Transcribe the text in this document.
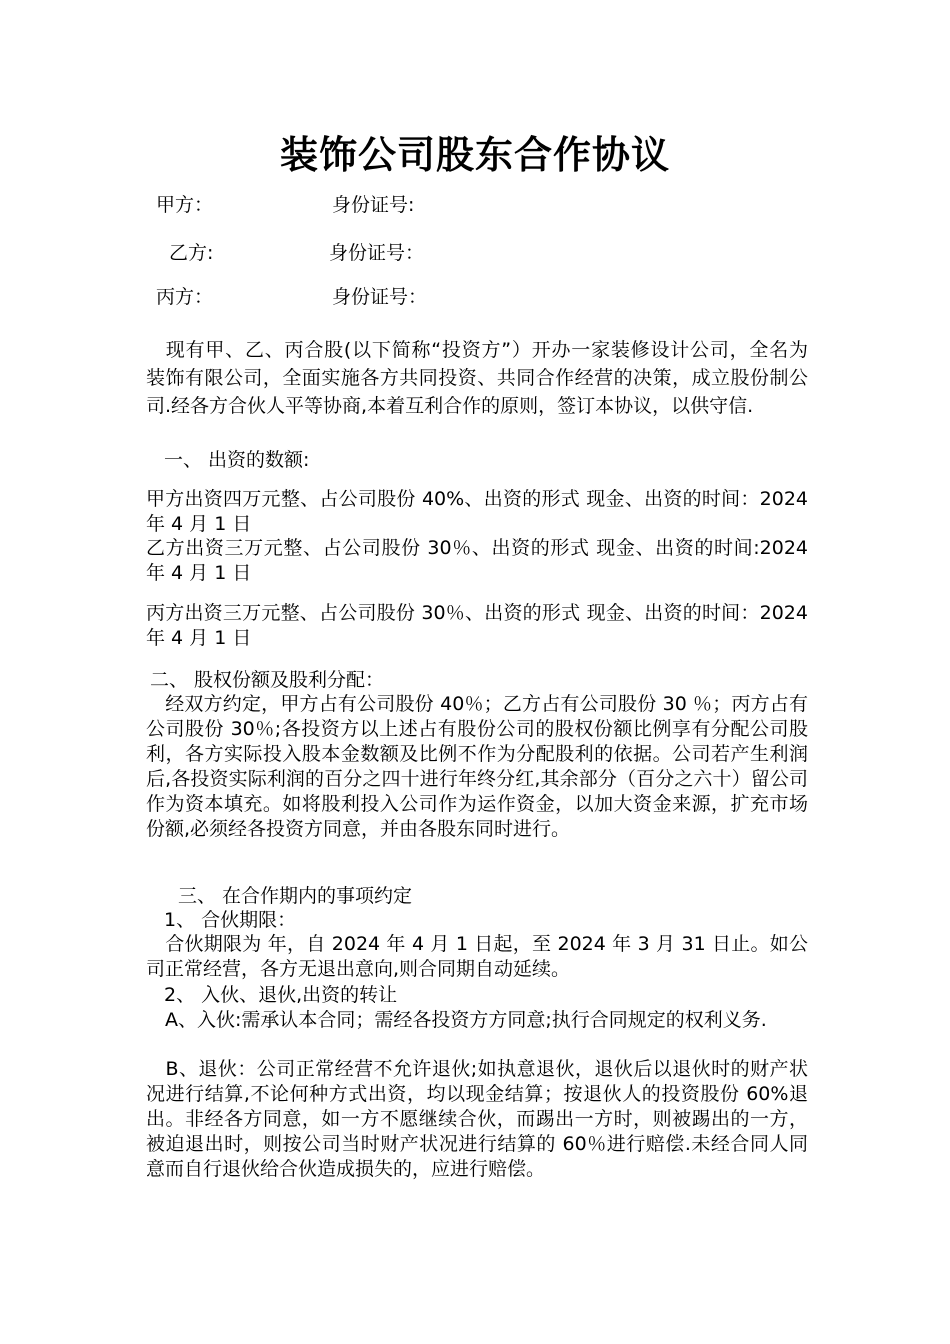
装饰公司股东合作协议
甲方：	身份证号:
乙方:	身份证号：
丙方：	身份证号：

　现有甲、乙、丙合股(以下简称“投资方”）开办一家装修设计公司，全名为　 装饰有限公司，全面实施各方共同投资、共同合作经营的决策，成立股份制公司.经各方合伙人平等协商,本着互利合作的原则，签订本协议，以供守信.

一、 出资的数额:

甲方出资四万元整、占公司股份 40%、出资的形式 现金、出资的时间：2024 年 4 月 1 日

乙方出资三万元整、占公司股份 30％、出资的形式 现金、出资的时间:2024 年 4 月 1 日

丙方出资三万元整、占公司股份 30％、出资的形式 现金、出资的时间：2024 年 4 月 1 日

二、 股权份额及股利分配：

　经双方约定，甲方占有公司股份 40％；乙方占有公司股份 30 ％；丙方占有公司股份 30％;各投资方以上述占有股份公司的股权份额比例享有分配公司股利，各方实际投入股本金数额及比例不作为分配股利的依据。公司若产生利润后,各投资实际利润的百分之四十进行年终分红,其余部分（百分之六十）留公司作为资本填充。如将股利投入公司作为运作资金，以加大资金来源，扩充市场份额,必须经各投资方同意，并由各股东同时进行。

三、 在合作期内的事项约定

1、 合伙期限：

　合伙期限为 年，自 2024 年 4 月 1 日起，至 2024 年 3 月 31 日止。如公司正常经营，各方无退出意向,则合同期自动延续。

2、 入伙、退伙,出资的转让

　A、入伙:需承认本合同；需经各投资方方同意;执行合同规定的权利义务.

　B、退伙：公司正常经营不允许退伙;如执意退伙，退伙后以退伙时的财产状况进行结算,不论何种方式出资，均以现金结算；按退伙人的投资股份 60%退出。非经各方同意，如一方不愿继续合伙，而踢出一方时，则被踢出的一方，被迫退出时，则按公司当时财产状况进行结算的 60％进行赔偿.未经合同人同意而自行退伙给合伙造成损失的，应进行赔偿。
